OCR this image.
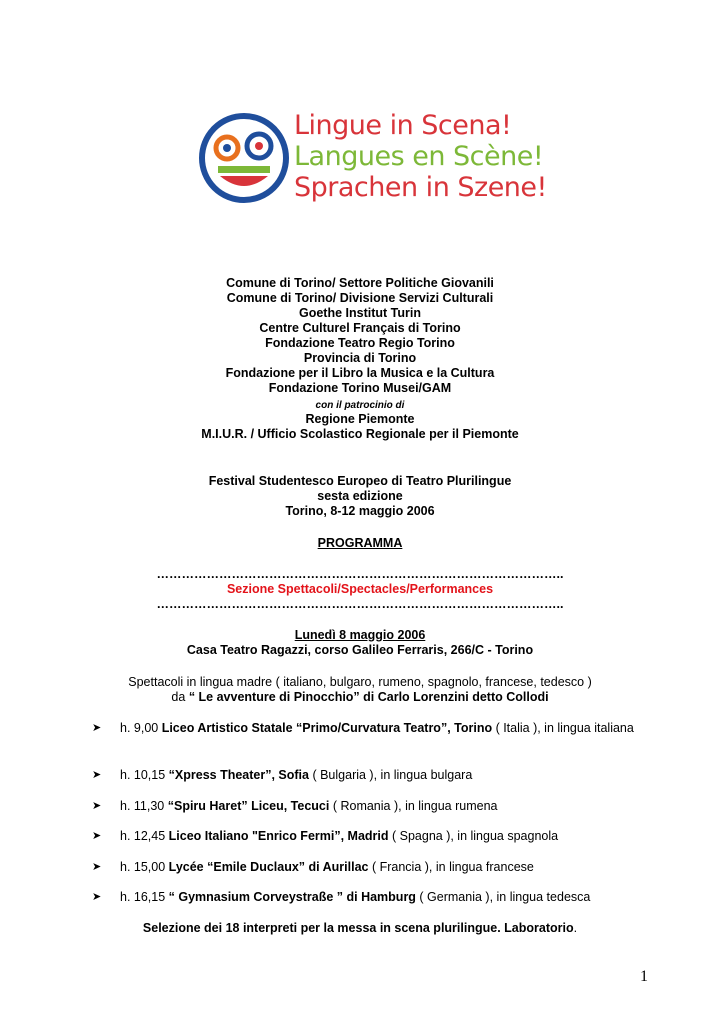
Lingue in Scena!
Langues en Scène!
Sprachen in Szene!
Comune di Torino/ Settore Politiche Giovanili
Comune di Torino/ Divisione Servizi Culturali
Goethe Institut Turin
Centre Culturel Français di Torino
Fondazione Teatro Regio Torino
Provincia di Torino
Fondazione per il Libro la Musica e la Cultura
Fondazione Torino Musei/GAM
con il patrocinio di
Regione Piemonte
M.I.U.R. / Ufficio Scolastico Regionale per il Piemonte
Festival Studentesco Europeo di Teatro Plurilingue
sesta edizione
Torino, 8-12 maggio 2006
PROGRAMMA
……………………………………………………………………………………..
Sezione Spettacoli/Spectacles/Performances
……………………………………………………………………………………..
Lunedì 8 maggio 2006
Casa Teatro Ragazzi, corso Galileo Ferraris, 266/C - Torino
Spettacoli in lingua madre ( italiano, bulgaro, rumeno, spagnolo, francese, tedesco )
da “ Le avventure di Pinocchio” di Carlo Lorenzini detto Collodi
➤	h. 9,00 Liceo Artistico Statale “Primo/Curvatura Teatro”, Torino ( Italia ), in lingua italiana
➤	h. 10,15 “Xpress Theater”, Sofia ( Bulgaria ), in lingua bulgara
➤	h. 11,30 “Spiru Haret” Liceu, Tecuci ( Romania ), in lingua rumena
➤	h. 12,45 Liceo Italiano "Enrico Fermi”, Madrid ( Spagna ), in lingua spagnola
➤	h. 15,00 Lycée “Emile Duclaux” di Aurillac ( Francia ), in lingua francese
➤	h. 16,15 “ Gymnasium Corveystraße ” di Hamburg ( Germania ), in lingua tedesca
Selezione dei 18 interpreti per la messa in scena plurilingue. Laboratorio.
1
